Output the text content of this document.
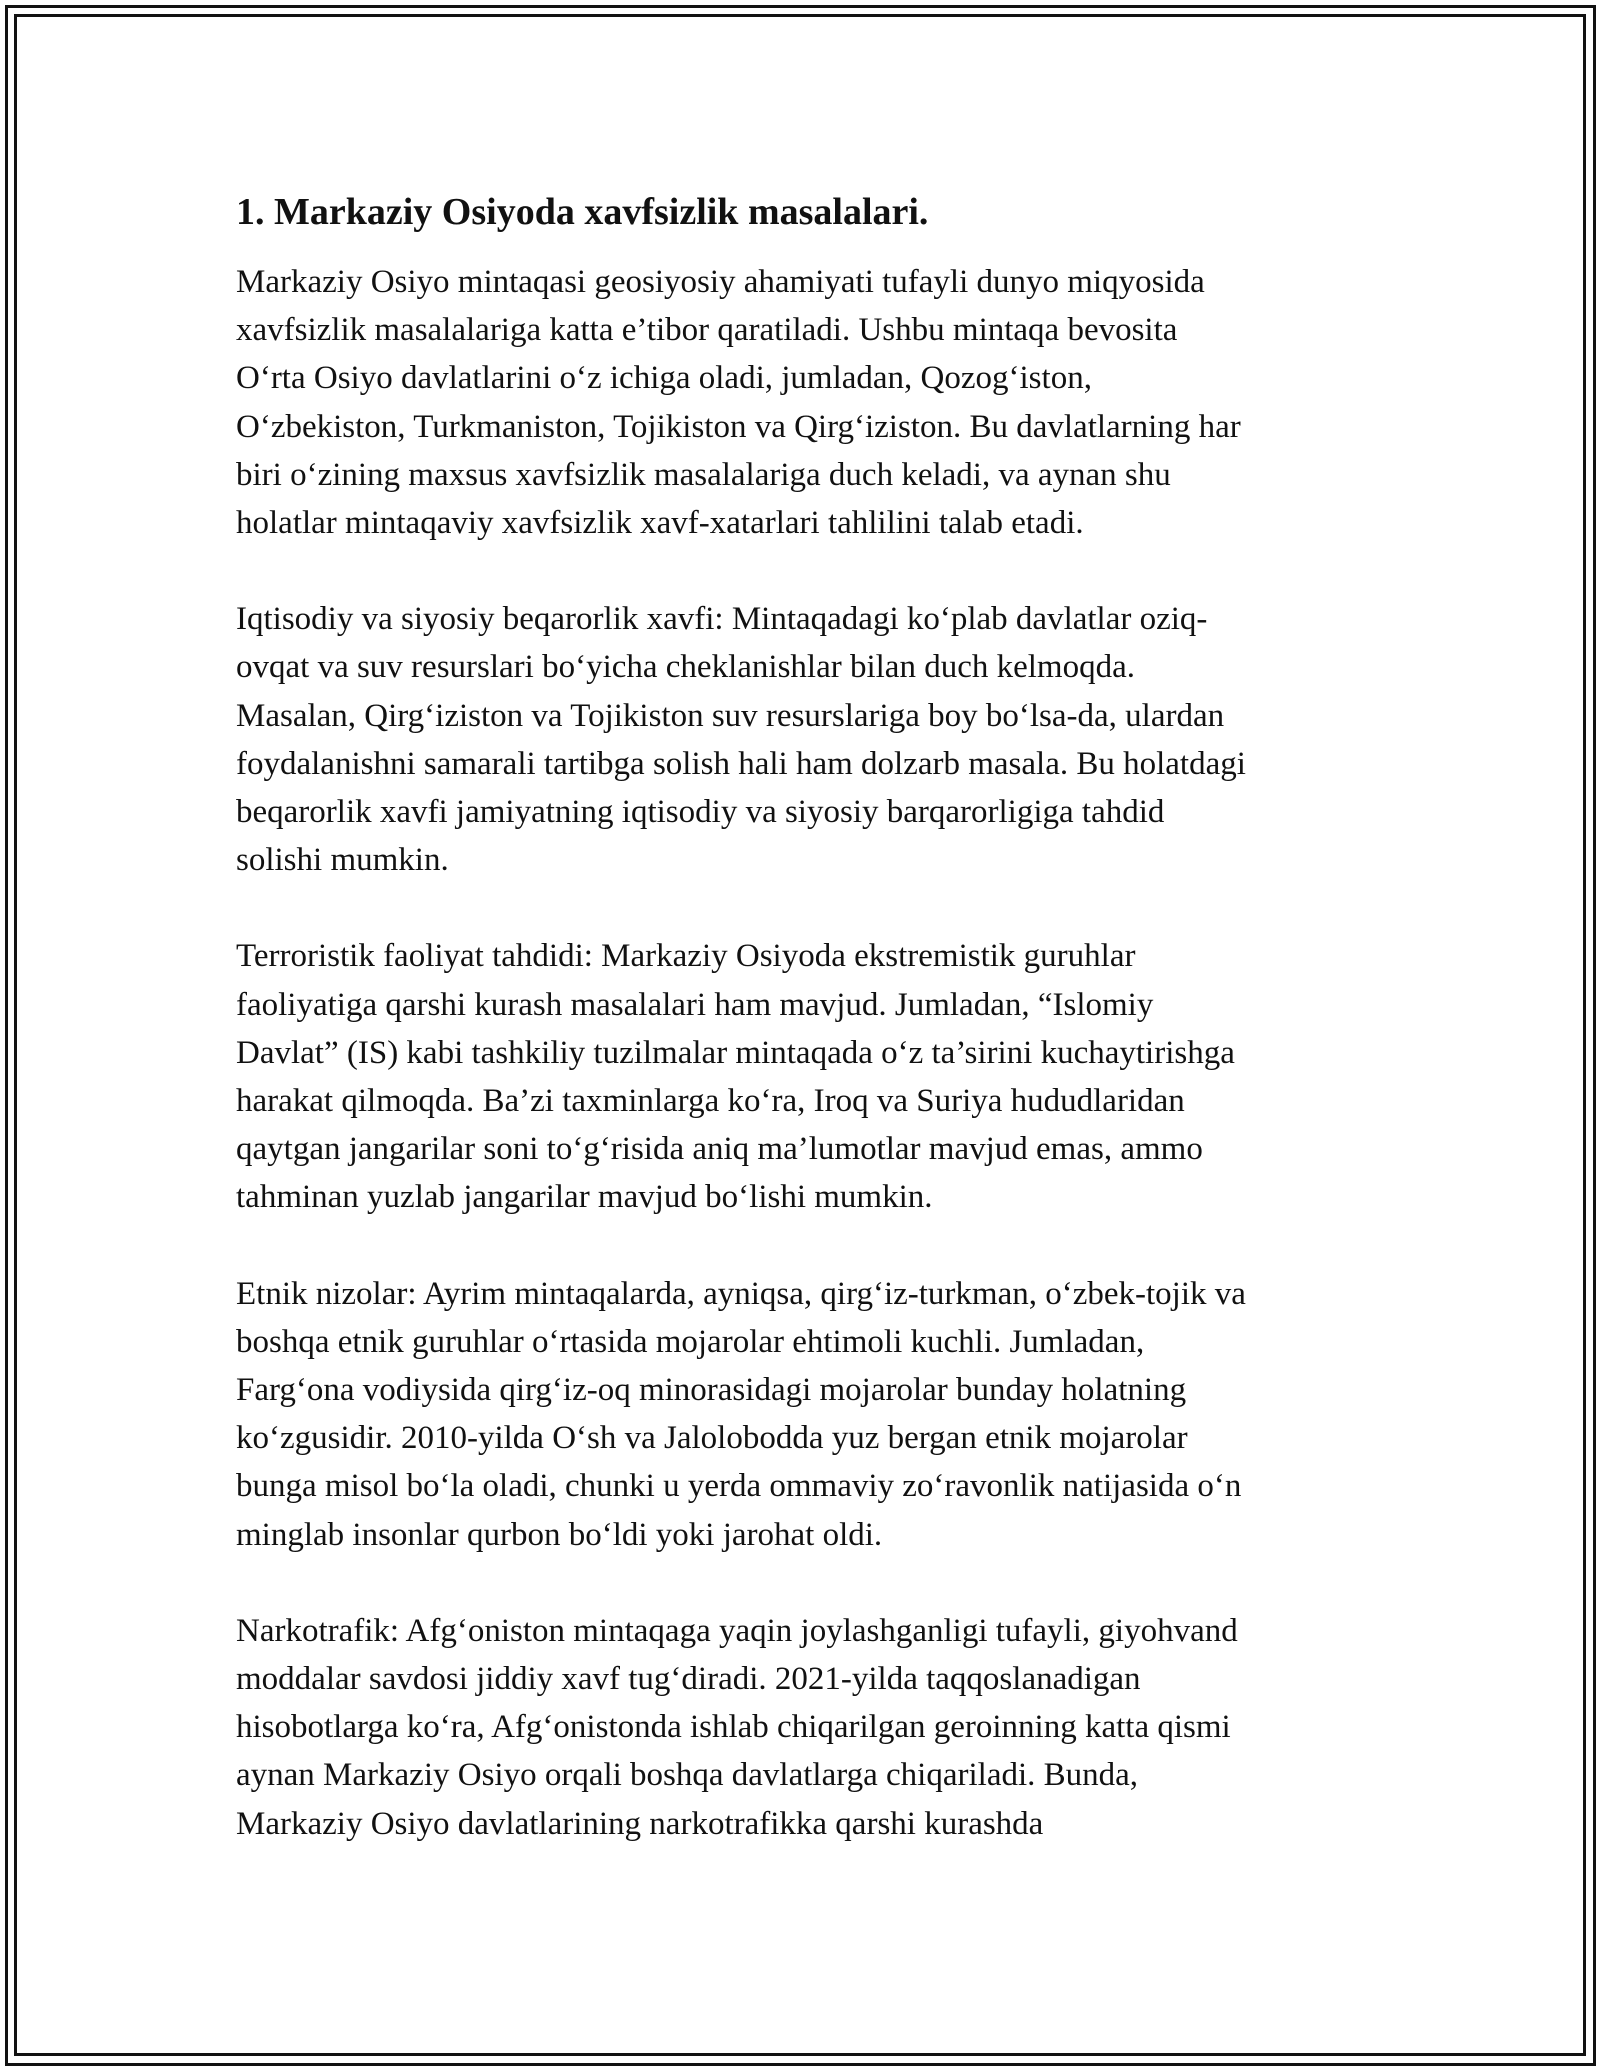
1. Markaziy Osiyoda xavfsizlik masalalari.

Markaziy Osiyo mintaqasi geosiyosiy ahamiyati tufayli dunyo miqyosida
xavfsizlik masalalariga katta e’tibor qaratiladi. Ushbu mintaqa bevosita
O‘rta Osiyo davlatlarini o‘z ichiga oladi, jumladan, Qozog‘iston,
O‘zbekiston, Turkmaniston, Tojikiston va Qirg‘iziston. Bu davlatlarning har
biri o‘zining maxsus xavfsizlik masalalariga duch keladi, va aynan shu
holatlar mintaqaviy xavfsizlik xavf-xatarlari tahlilini talab etadi.

Iqtisodiy va siyosiy beqarorlik xavfi: Mintaqadagi ko‘plab davlatlar oziq-
ovqat va suv resurslari bo‘yicha cheklanishlar bilan duch kelmoqda.
Masalan, Qirg‘iziston va Tojikiston suv resurslariga boy bo‘lsa-da, ulardan
foydalanishni samarali tartibga solish hali ham dolzarb masala. Bu holatdagi
beqarorlik xavfi jamiyatning iqtisodiy va siyosiy barqarorligiga tahdid
solishi mumkin.

Terroristik faoliyat tahdidi: Markaziy Osiyoda ekstremistik guruhlar
faoliyatiga qarshi kurash masalalari ham mavjud. Jumladan, “Islomiy
Davlat” (IS) kabi tashkiliy tuzilmalar mintaqada o‘z ta’sirini kuchaytirishga
harakat qilmoqda. Ba’zi taxminlarga ko‘ra, Iroq va Suriya hududlaridan
qaytgan jangarilar soni to‘g‘risida aniq ma’lumotlar mavjud emas, ammo
tahminan yuzlab jangarilar mavjud bo‘lishi mumkin.

Etnik nizolar: Ayrim mintaqalarda, ayniqsa, qirg‘iz-turkman, o‘zbek-tojik va
boshqa etnik guruhlar o‘rtasida mojarolar ehtimoli kuchli. Jumladan,
Farg‘ona vodiysida qirg‘iz-oq minorasidagi mojarolar bunday holatning
ko‘zgusidir. 2010-yilda O‘sh va Jalolobodda yuz bergan etnik mojarolar
bunga misol bo‘la oladi, chunki u yerda ommaviy zo‘ravonlik natijasida o‘n
minglab insonlar qurbon bo‘ldi yoki jarohat oldi.

Narkotrafik: Afg‘oniston mintaqaga yaqin joylashganligi tufayli, giyohvand
moddalar savdosi jiddiy xavf tug‘diradi. 2021-yilda taqqoslanadigan
hisobotlarga ko‘ra, Afg‘onistonda ishlab chiqarilgan geroinning katta qismi
aynan Markaziy Osiyo orqali boshqa davlatlarga chiqariladi. Bunda,
Markaziy Osiyo davlatlarining narkotrafikka qarshi kurashda
